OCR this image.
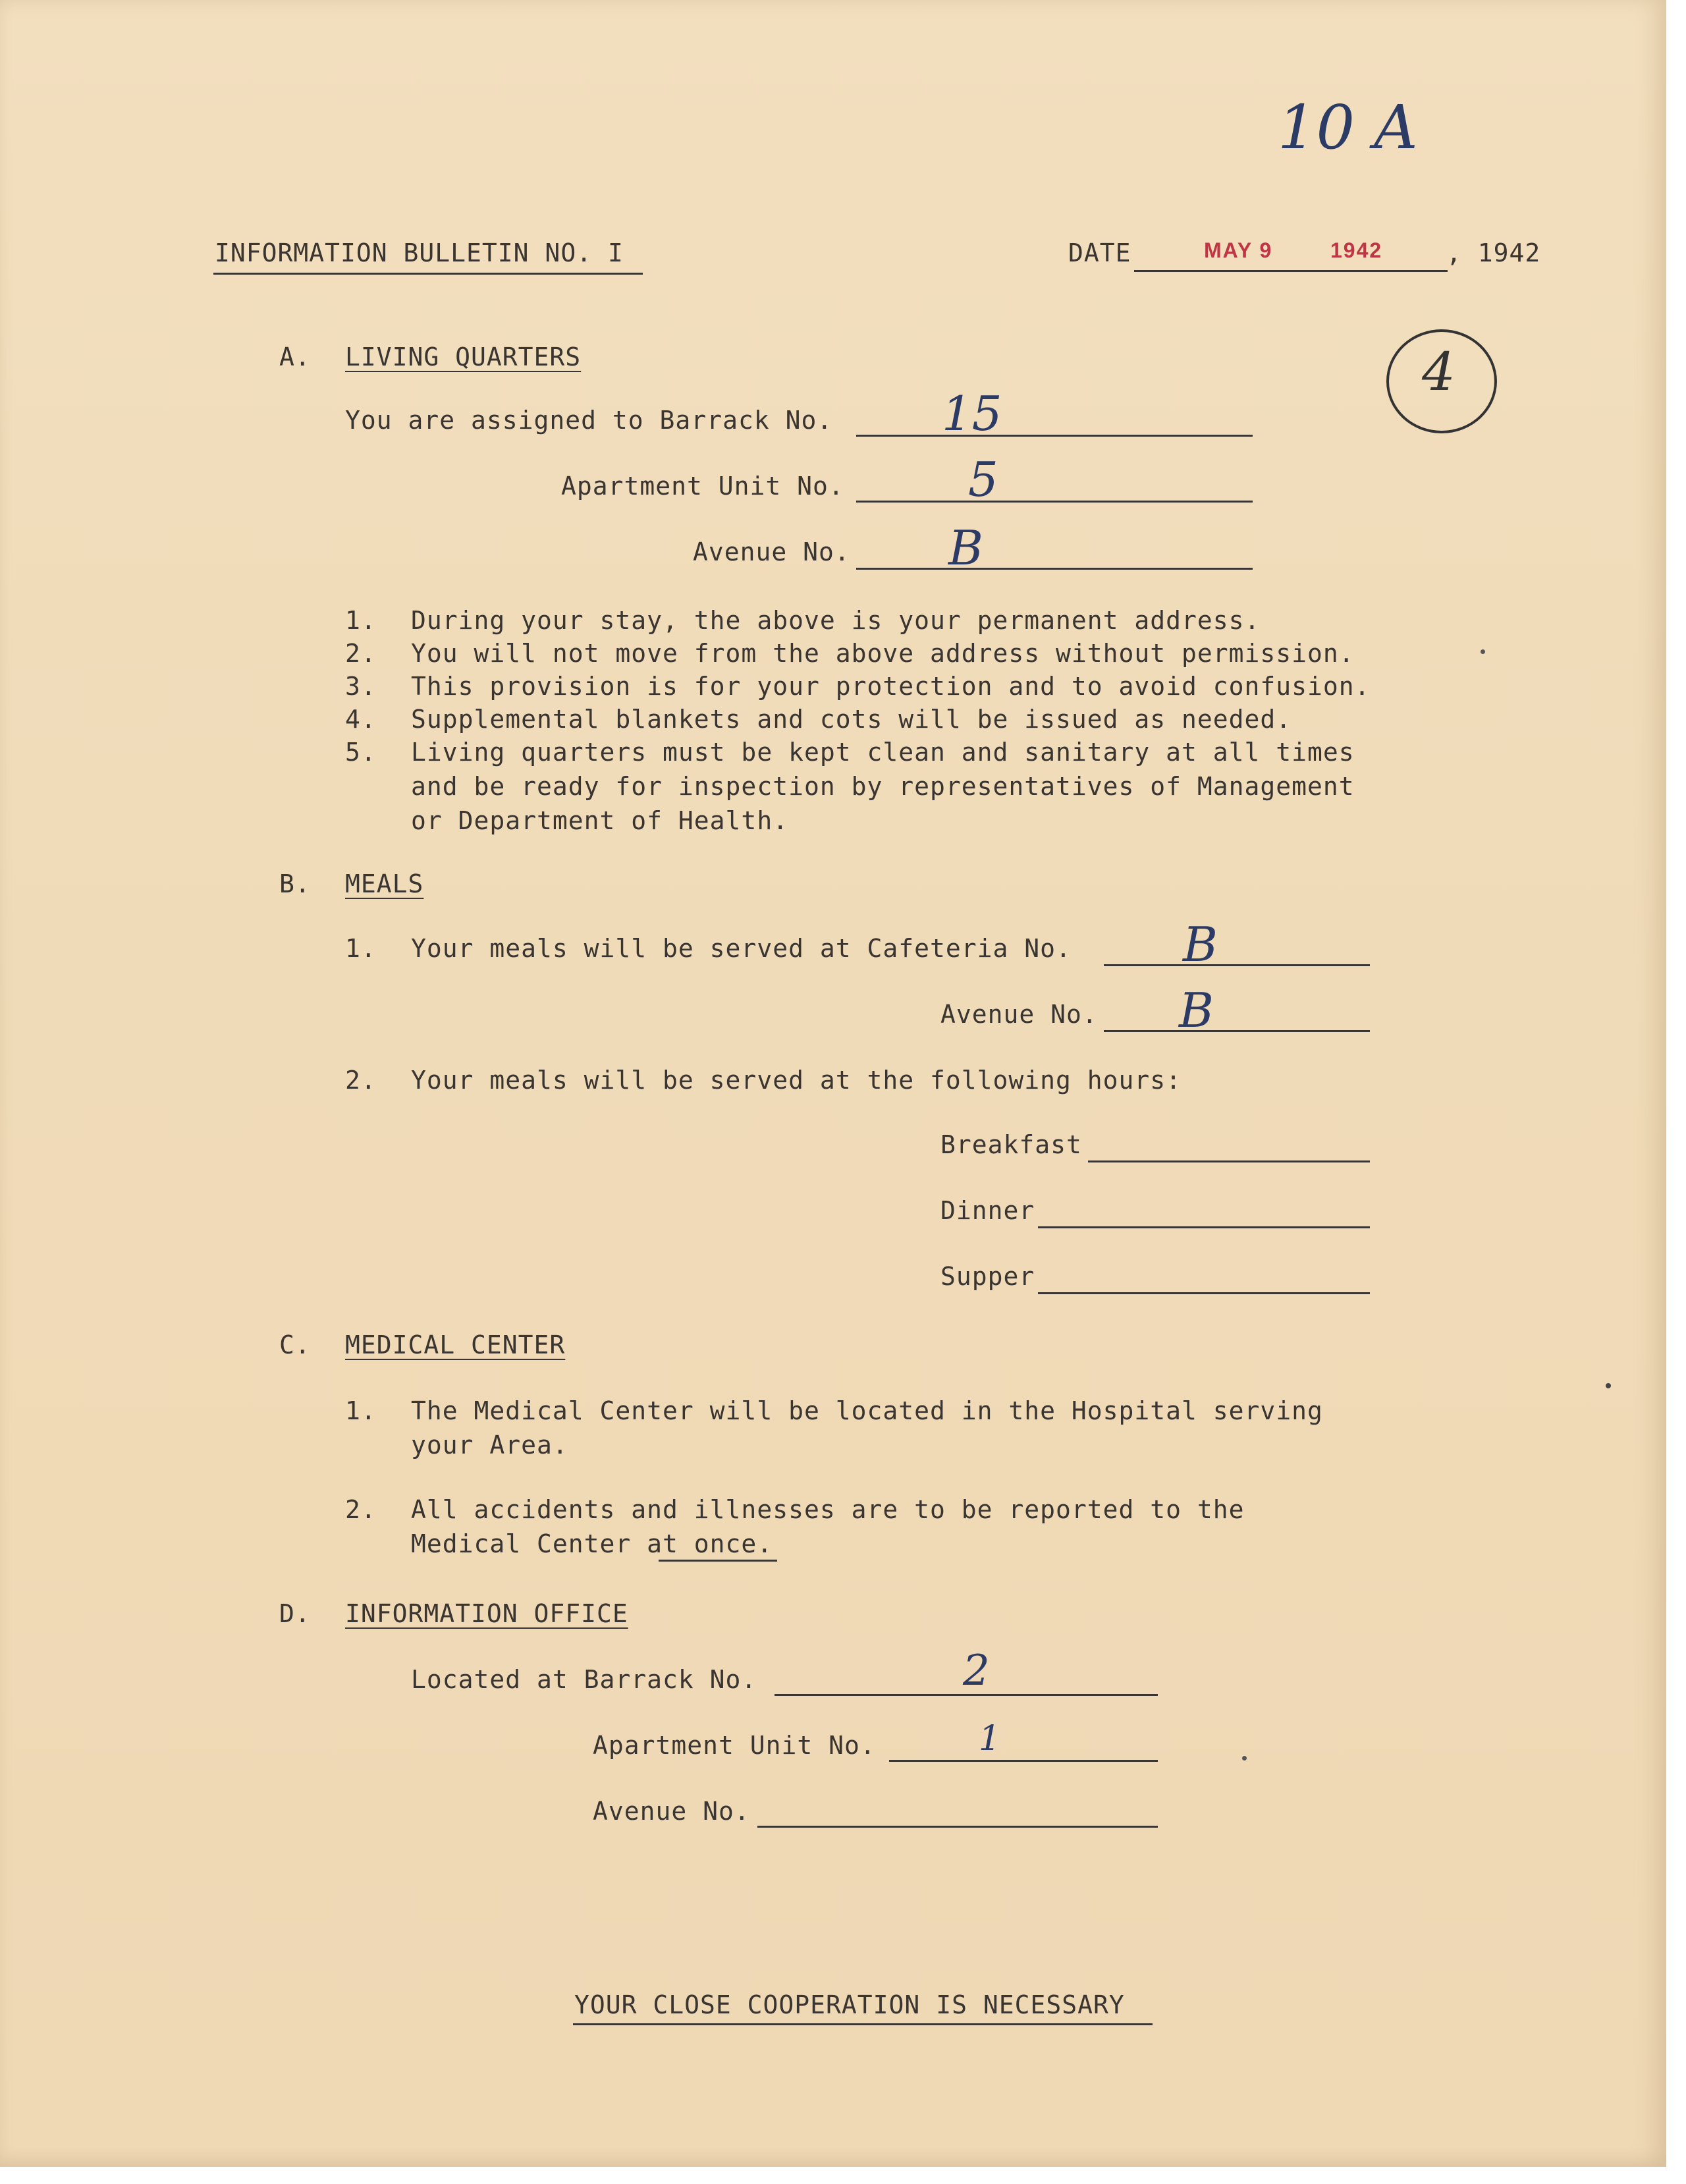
10 A
4
INFORMATION BULLETIN NO. I	DATE	MAY 9	1942	, 1942
A. LIVING QUARTERS
You are assigned to Barrack No. 15
Apartment Unit No.	5
Avenue No. B
1. During your stay, the above is your permanent address.
2. You will not move from the above address without permission.
3. This provision is for your protection and to avoid confusion.
4. Supplemental blankets and cots will be issued as needed.
5. Living quarters must be kept clean and sanitary at all times
and be ready for inspection by representatives of Management
or Department of Health.
B. MEALS
1. Your meals will be served at Cafeteria No. B
Avenue No. B
2. Your meals will be served at the following hours:
Breakfast
Dinner
Supper
C. MEDICAL CENTER
1. The Medical Center will be located in the Hospital serving
your Area.
2. All accidents and illnesses are to be reported to the
Medical Center at once.
D. INFORMATION OFFICE
Located at Barrack No.	2
Apartment Unit No.	1
Avenue No.
YOUR CLOSE COOPERATION IS NECESSARY
